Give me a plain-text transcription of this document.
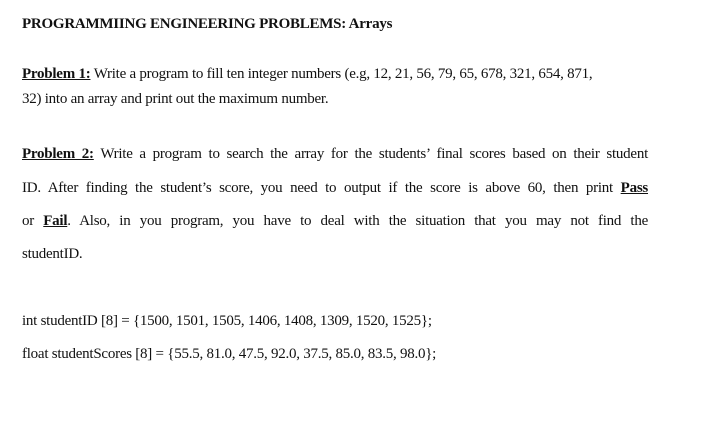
PROGRAMMIING ENGINEERING PROBLEMS: Arrays
Problem 1: Write a program to fill ten integer numbers (e.g, 12, 21, 56, 79, 65, 678, 321, 654, 871,
32) into an array and print out the maximum number.
Problem 2: Write a program to search the array for the students’ final scores based on their student
ID. After finding the student’s score, you need to output if the score is above 60, then print Pass
or Fail. Also, in you program, you have to deal with the situation that you may not find the
studentID.
int studentID [8] = {1500, 1501, 1505, 1406, 1408, 1309, 1520, 1525};
float studentScores [8] = {55.5, 81.0, 47.5, 92.0, 37.5, 85.0, 83.5, 98.0};
